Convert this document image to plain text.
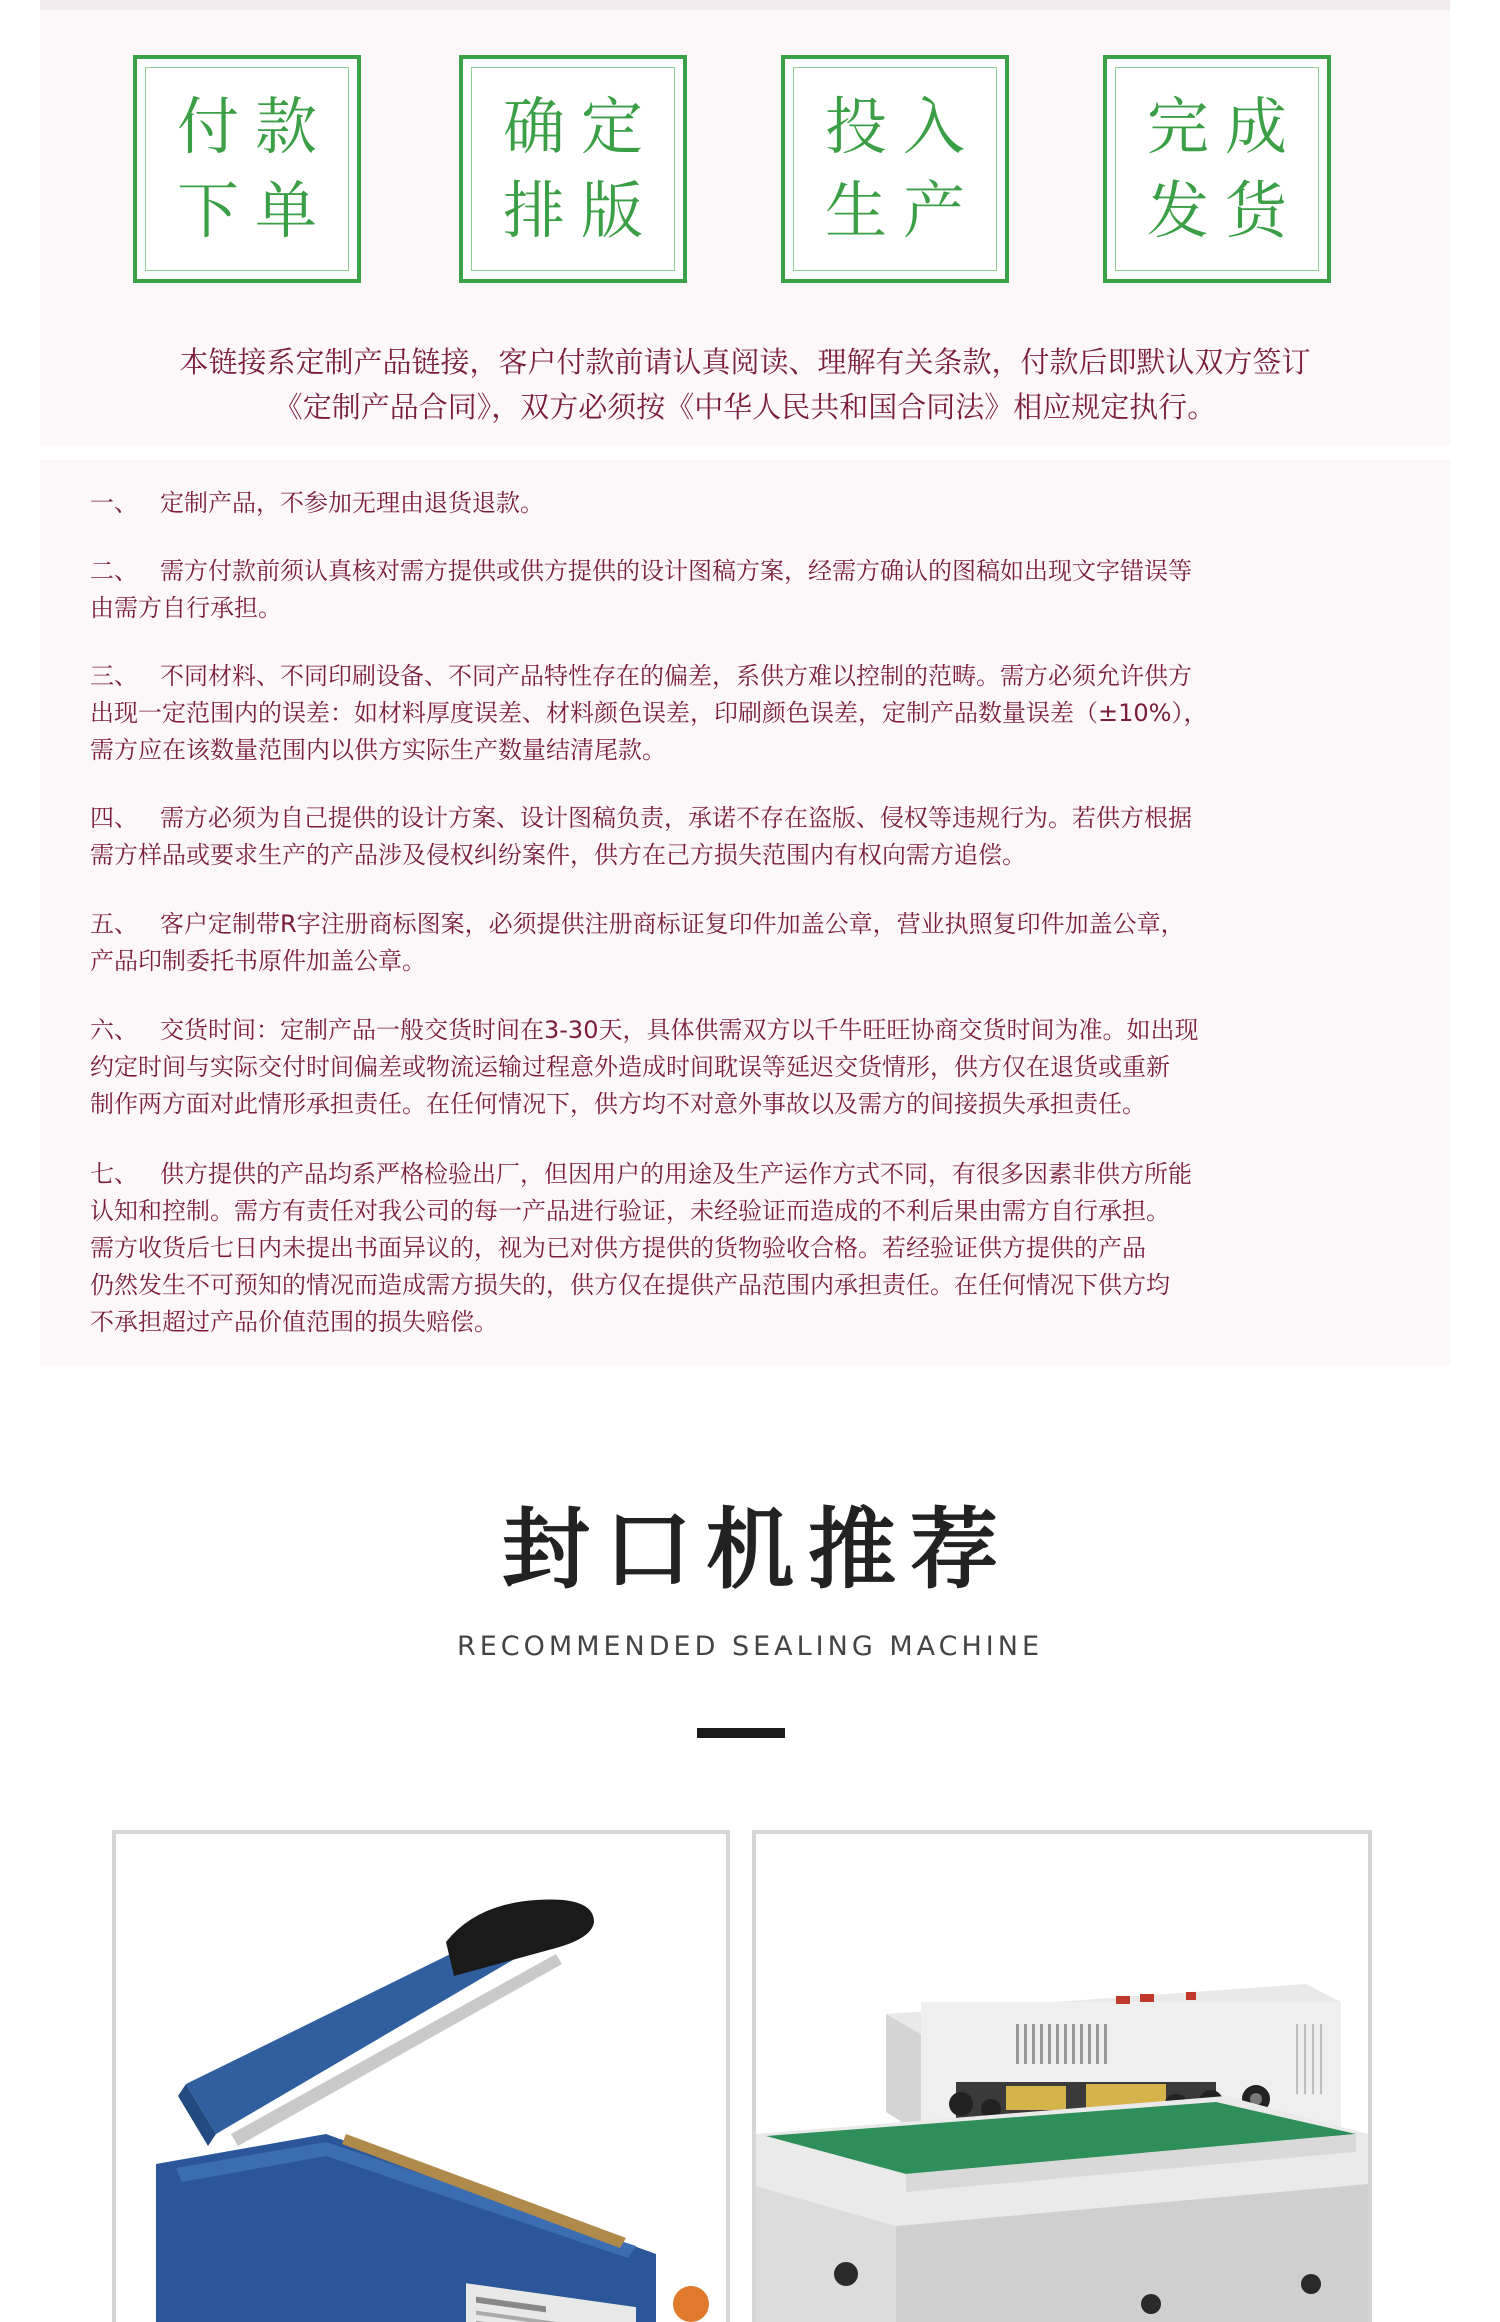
付款
下单
确定
排版
投入
生产
完成
发货
本链接系定制产品链接，客户付款前请认真阅读、理解有关条款，付款后即默认双方签订
《定制产品合同》，双方必须按《中华人民共和国合同法》相应规定执行。
一、 定制产品，不参加无理由退货退款。
二、 需方付款前须认真核对需方提供或供方提供的设计图稿方案，经需方确认的图稿如出现文字错误等
由需方自行承担。
三、 不同材料、不同印刷设备、不同产品特性存在的偏差，系供方难以控制的范畴。需方必须允许供方
出现一定范围内的误差：如材料厚度误差、材料颜色误差，印刷颜色误差，定制产品数量误差（±10%），
需方应在该数量范围内以供方实际生产数量结清尾款。
四、 需方必须为自己提供的设计方案、设计图稿负责，承诺不存在盗版、侵权等违规行为。若供方根据
需方样品或要求生产的产品涉及侵权纠纷案件，供方在己方损失范围内有权向需方追偿。
五、 客户定制带R字注册商标图案，必须提供注册商标证复印件加盖公章，营业执照复印件加盖公章，
产品印制委托书原件加盖公章。
六、 交货时间：定制产品一般交货时间在3-30天，具体供需双方以千牛旺旺协商交货时间为准。如出现
约定时间与实际交付时间偏差或物流运输过程意外造成时间耽误等延迟交货情形，供方仅在退货或重新
制作两方面对此情形承担责任。在任何情况下，供方均不对意外事故以及需方的间接损失承担责任。
七、 供方提供的产品均系严格检验出厂，但因用户的用途及生产运作方式不同，有很多因素非供方所能
认知和控制。需方有责任对我公司的每一产品进行验证，未经验证而造成的不利后果由需方自行承担。
需方收货后七日内未提出书面异议的，视为已对供方提供的货物验收合格。若经验证供方提供的产品
仍然发生不可预知的情况而造成需方损失的，供方仅在提供产品范围内承担责任。在任何情况下供方均
不承担超过产品价值范围的损失赔偿。
封口机推荐
RECOMMENDED SEALING MACHINE
